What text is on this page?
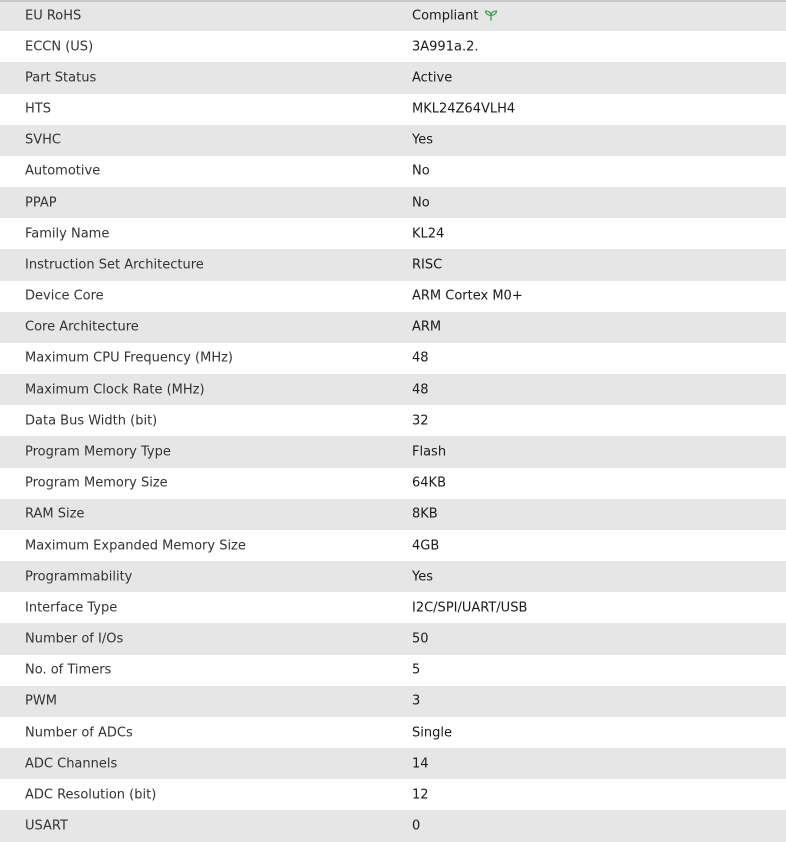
EU RoHS	Compliant
ECCN (US)	3A991a.2.
Part Status	Active
HTS	MKL24Z64VLH4
SVHC	Yes
Automotive	No
PPAP	No
Family Name	KL24
Instruction Set Architecture	RISC
Device Core	ARM Cortex M0+
Core Architecture	ARM
Maximum CPU Frequency (MHz)	48
Maximum Clock Rate (MHz)	48
Data Bus Width (bit)	32
Program Memory Type	Flash
Program Memory Size	64KB
RAM Size	8KB
Maximum Expanded Memory Size	4GB
Programmability	Yes
Interface Type	I2C/SPI/UART/USB
Number of I/Os	50
No. of Timers	5
PWM	3
Number of ADCs	Single
ADC Channels	14
ADC Resolution (bit)	12
USART	0
